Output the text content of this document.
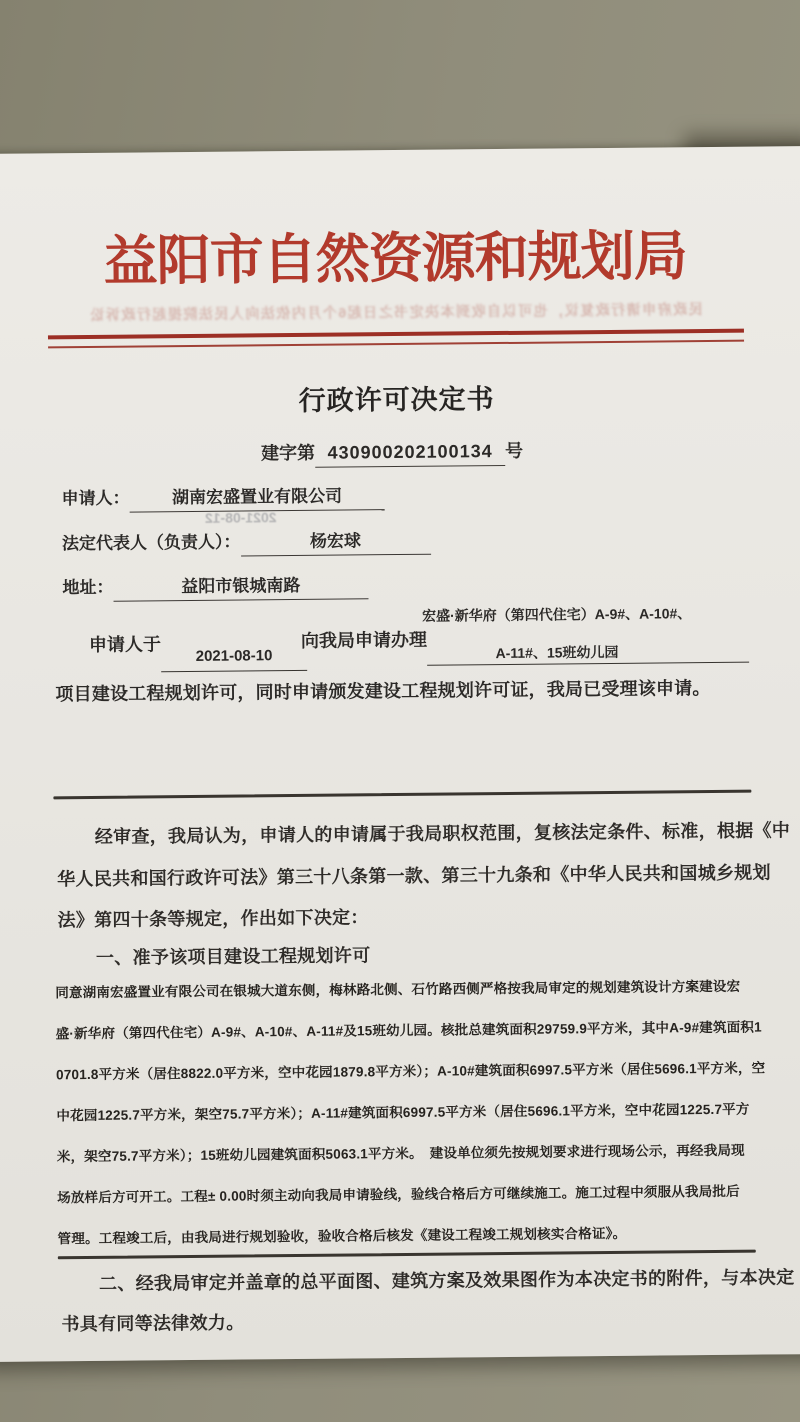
益阳市自然资源和规划局
民政府申请行政复议，也可以自收到本决定书之日起6个月内依法向人民法院提起行政诉讼
行政许可决定书
建字第 430900202100134 号
申请人： 湖南宏盛置业有限公司
2021-08-12
法定代表人（负责人）：	杨宏球
地址：	益阳市银城南路
宏盛·新华府（第四代住宅）A-9#、A-10#、
申请人于	向我局申请办理
2021-08-10	A-11#、15班幼儿园
项目建设工程规划许可，同时申请颁发建设工程规划许可证，我局已受理该申请。
经审查，我局认为，申请人的申请属于我局职权范围，复核法定条件、标准，根据《中
华人民共和国行政许可法》第三十八条第一款、第三十九条和《中华人民共和国城乡规划
法》第四十条等规定，作出如下决定：
一、准予该项目建设工程规划许可
同意湖南宏盛置业有限公司在银城大道东侧，梅林路北侧、石竹路西侧严格按我局审定的规划建筑设计方案建设宏
盛·新华府（第四代住宅）A-9#、A-10#、A-11#及15班幼儿园。核批总建筑面积29759.9平方米，其中A-9#建筑面积1
0701.8平方米（居住8822.0平方米，空中花园1879.8平方米）；A-10#建筑面积6997.5平方米（居住5696.1平方米，空
中花园1225.7平方米，架空75.7平方米）；A-11#建筑面积6997.5平方米（居住5696.1平方米，空中花园1225.7平方
米，架空75.7平方米）；15班幼儿园建筑面积5063.1平方米。　建设单位须先按规划要求进行现场公示，再经我局现
场放样后方可开工。工程± 0.00时须主动向我局申请验线，验线合格后方可继续施工。施工过程中须服从我局批后
管理。工程竣工后，由我局进行规划验收，验收合格后核发《建设工程竣工规划核实合格证》。
二、经我局审定并盖章的总平面图、建筑方案及效果图作为本决定书的附件，与本决定
书具有同等法律效力。
